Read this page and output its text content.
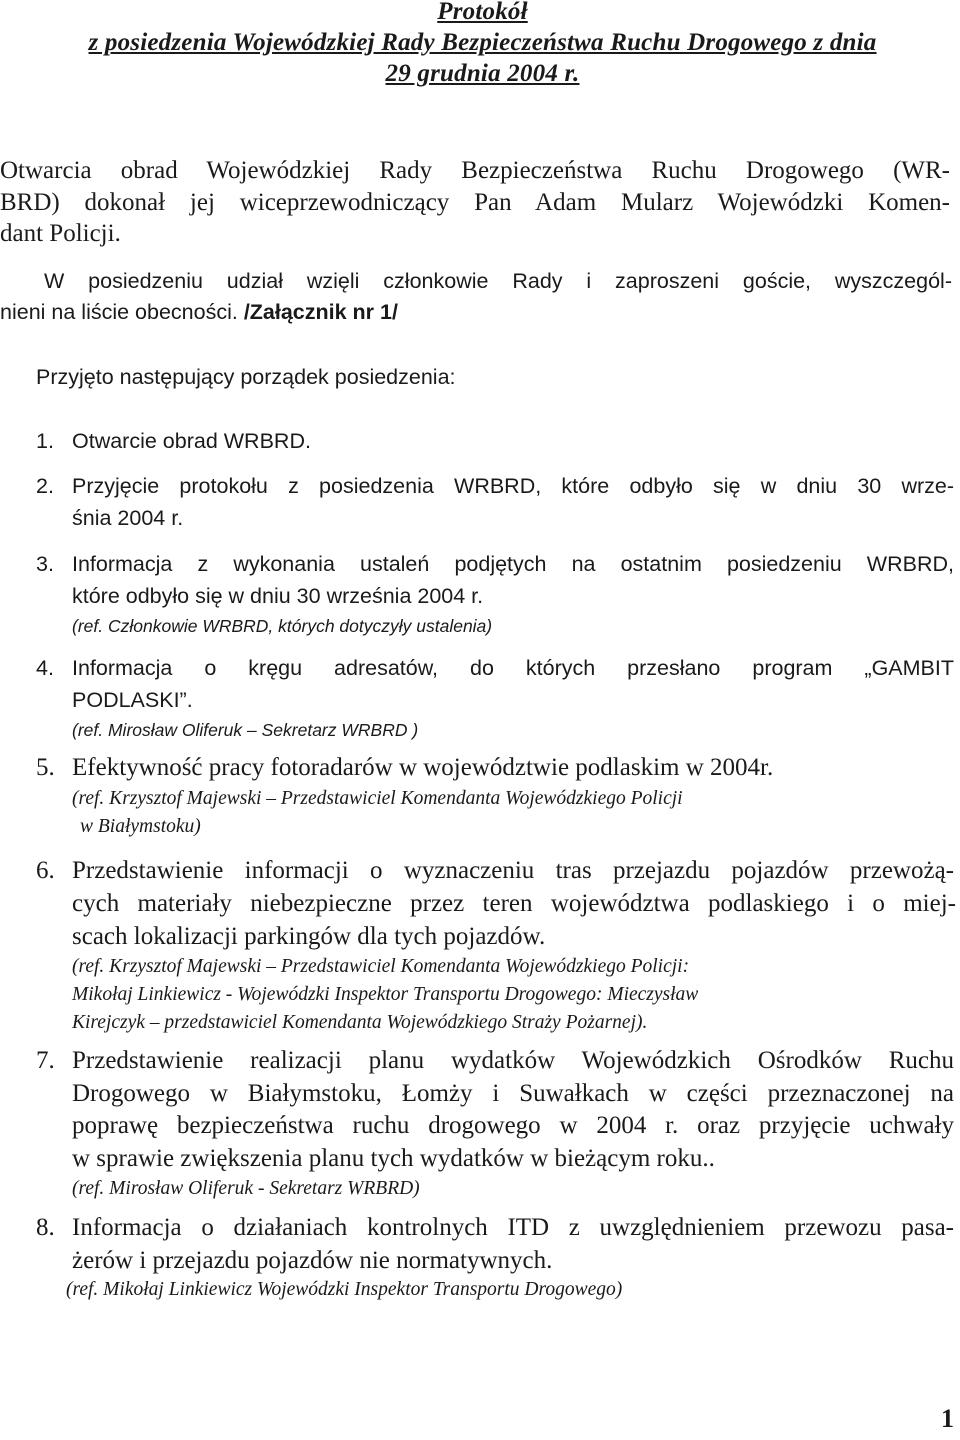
Protokół
z posiedzenia Wojewódzkiej Rady Bezpieczeństwa Ruchu Drogowego z dnia
29 grudnia 2004 r.
Otwarcia obrad Wojewódzkiej Rady Bezpieczeństwa Ruchu Drogowego (WR-
BRD) dokonał jej wiceprzewodniczący Pan Adam Mularz Wojewódzki Komen-
dant Policji.
W posiedzeniu udział wzięli członkowie Rady i zaproszeni goście, wyszczegól-
nieni na liście obecności. /Załącznik nr 1/
Przyjęto następujący porządek posiedzenia:
1. Otwarcie obrad WRBRD.
2. Przyjęcie protokołu z posiedzenia WRBRD, które odbyło się w dniu 30 wrze-
śnia 2004 r.
3. Informacja z wykonania ustaleń podjętych na ostatnim posiedzeniu WRBRD,
które odbyło się w dniu 30 września 2004 r.
(ref. Członkowie WRBRD, których dotyczyły ustalenia)
4. Informacja o kręgu adresatów, do których przesłano program „GAMBIT
PODLASKI”.
(ref. Mirosław Oliferuk – Sekretarz WRBRD )
5. Efektywność pracy fotoradarów w województwie podlaskim w 2004r.
(ref. Krzysztof Majewski – Przedstawiciel Komendanta Wojewódzkiego Policji
w Białymstoku)
6. Przedstawienie informacji o wyznaczeniu tras przejazdu pojazdów przewożą-
cych materiały niebezpieczne przez teren województwa podlaskiego i o miej-
scach lokalizacji parkingów dla tych pojazdów.
(ref. Krzysztof Majewski – Przedstawiciel Komendanta Wojewódzkiego Policji:
Mikołaj Linkiewicz - Wojewódzki Inspektor Transportu Drogowego: Mieczysław
Kirejczyk – przedstawiciel Komendanta Wojewódzkiego Straży Pożarnej).
7. Przedstawienie realizacji planu wydatków Wojewódzkich Ośrodków Ruchu
Drogowego w Białymstoku, Łomży i Suwałkach w części przeznaczonej na
poprawę bezpieczeństwa ruchu drogowego w 2004 r. oraz przyjęcie uchwały
w sprawie zwiększenia planu tych wydatków w bieżącym roku..
(ref. Mirosław Oliferuk - Sekretarz WRBRD)
8. Informacja o działaniach kontrolnych ITD z uwzględnieniem przewozu pasa-
żerów i przejazdu pojazdów nie normatywnych.
(ref. Mikołaj Linkiewicz Wojewódzki Inspektor Transportu Drogowego)
1
